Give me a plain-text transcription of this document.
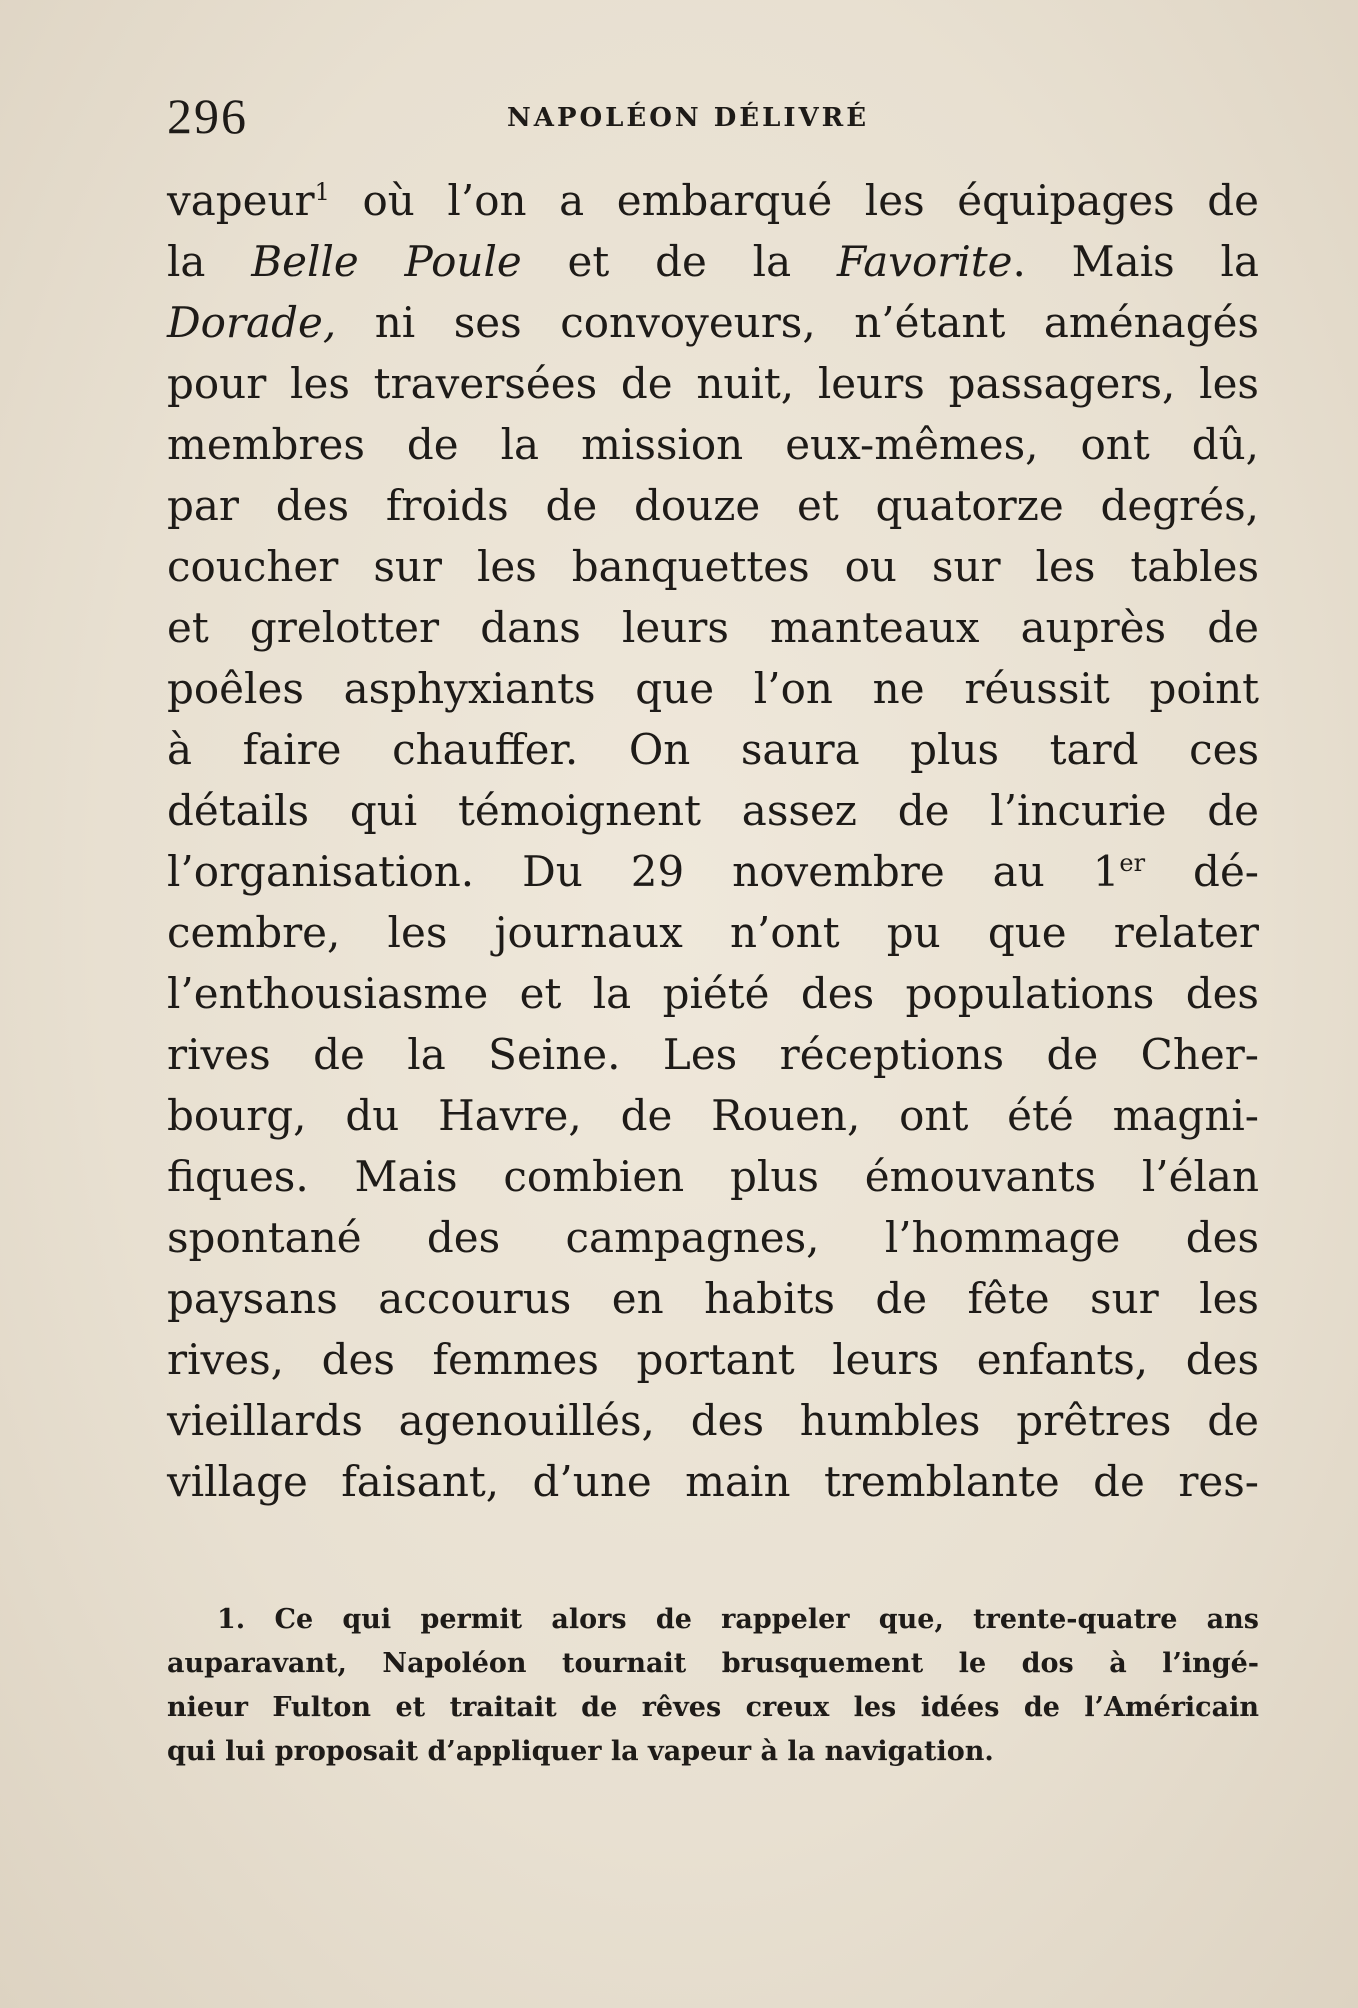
296	NAPOLÉON DÉLIVRÉ
vapeur$^1$ où l’on a embarqué les équipages de
la Belle Poule et de la Favorite. Mais la
Dorade, ni ses convoyeurs, n’étant aménagés
pour les traversées de nuit, leurs passagers, les
membres de la mission eux-mêmes, ont dû,
par des froids de douze et quatorze degrés,
coucher sur les banquettes ou sur les tables
et grelotter dans leurs manteaux auprès de
poêles asphyxiants que l’on ne réussit point
à faire chauffer. On saura plus tard ces
détails qui témoignent assez de l’incurie de
l’organisation. Du 29 novembre au 1er dé-
cembre, les journaux n’ont pu que relater
l’enthousiasme et la piété des populations des
rives de la Seine. Les réceptions de Cher-
bourg, du Havre, de Rouen, ont été magni-
fiques. Mais combien plus émouvants l’élan
spontané des campagnes, l’hommage des
paysans accourus en habits de fête sur les
rives, des femmes portant leurs enfants, des
vieillards agenouillés, des humbles prêtres de
village faisant, d’une main tremblante de res-
1. Ce qui permit alors de rappeler que, trente-quatre ans
auparavant, Napoléon tournait brusquement le dos à l’ingé-
nieur Fulton et traitait de rêves creux les idées de l’Américain
qui lui proposait d’appliquer la vapeur à la navigation.
